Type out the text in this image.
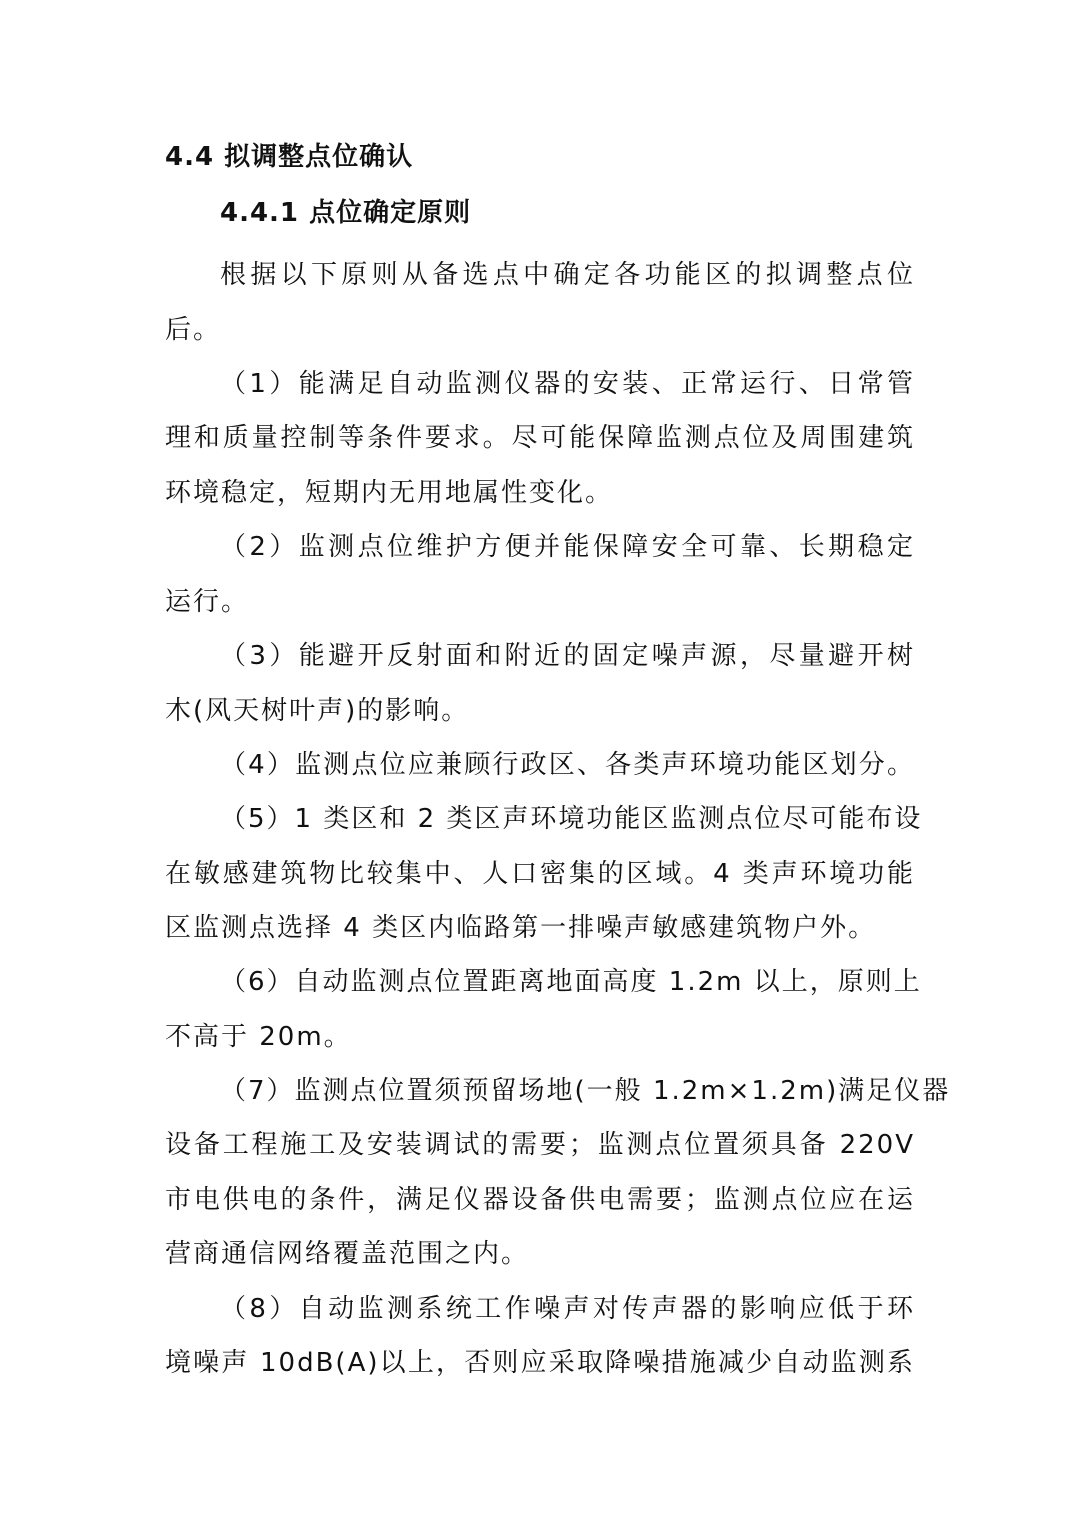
4.4 拟调整点位确认
4.4.1 点位确定原则
根据以下原则从备选点中确定各功能区的拟调整点位
后。
（1）能满足自动监测仪器的安装、正常运行、日常管
理和质量控制等条件要求。尽可能保障监测点位及周围建筑
环境稳定，短期内无用地属性变化。
（2）监测点位维护方便并能保障安全可靠、长期稳定
运行。
（3）能避开反射面和附近的固定噪声源，尽量避开树
木(风天树叶声)的影响。
（4）监测点位应兼顾行政区、各类声环境功能区划分。
（5）1 类区和 2 类区声环境功能区监测点位尽可能布设
在敏感建筑物比较集中、人口密集的区域。4 类声环境功能
区监测点选择 4 类区内临路第一排噪声敏感建筑物户外。
（6）自动监测点位置距离地面高度 1.2m 以上，原则上
不高于 20m。
（7）监测点位置须预留场地(一般 1.2m×1.2m)满足仪器
设备工程施工及安装调试的需要；监测点位置须具备 220V
市电供电的条件，满足仪器设备供电需要；监测点位应在运
营商通信网络覆盖范围之内。
（8）自动监测系统工作噪声对传声器的影响应低于环
境噪声 10dB(A)以上，否则应采取降噪措施减少自动监测系
